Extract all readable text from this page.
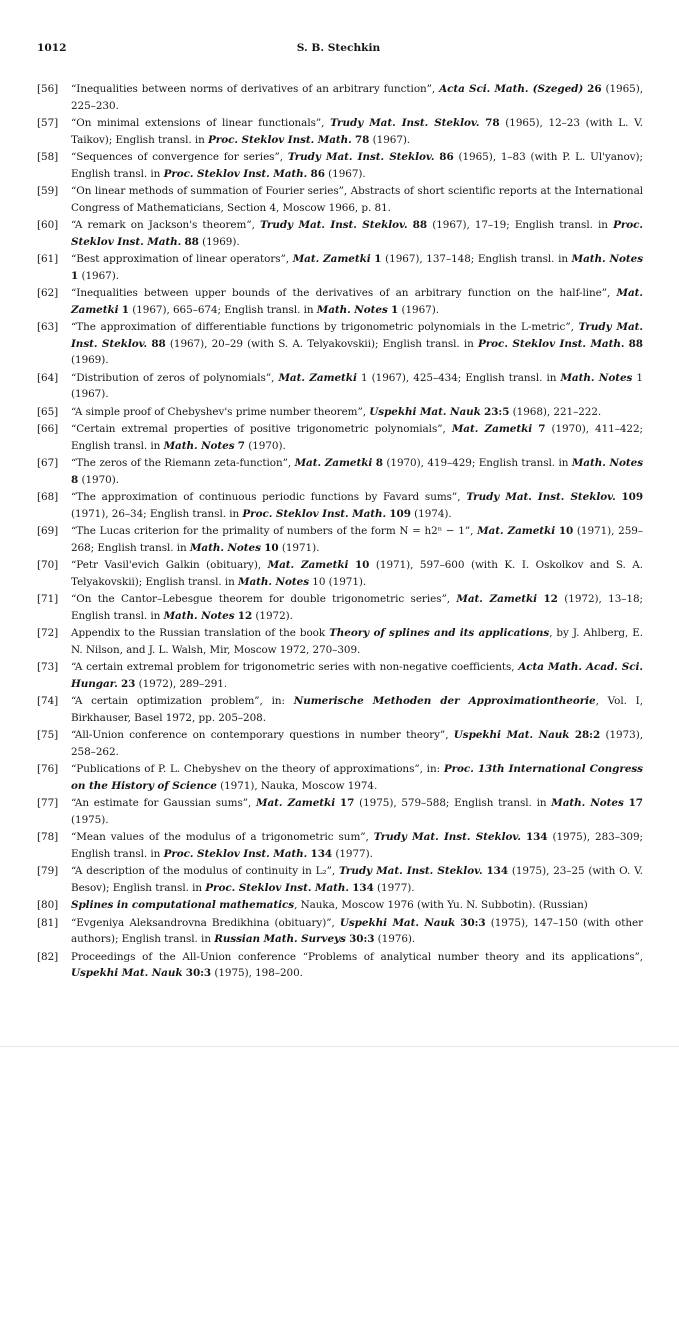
1012	S. B. Stechkin
[56]	“Inequalities between norms of derivatives of an arbitrary function”, Acta Sci. Math. (Szeged) 26 (1965), 225–230.
[57]	“On minimal extensions of linear functionals”, Trudy Mat. Inst. Steklov. 78 (1965), 12–23 (with L. V. Taikov); English transl. in Proc. Steklov Inst. Math. 78 (1967).
[58]	“Sequences of convergence for series”, Trudy Mat. Inst. Steklov. 86 (1965), 1–83 (with P. L. Ul'yanov); English transl. in Proc. Steklov Inst. Math. 86 (1967).
[59]	“On linear methods of summation of Fourier series”, Abstracts of short scientific reports at the International Congress of Mathematicians, Section 4, Moscow 1966, p. 81.
[60]	“A remark on Jackson's theorem”, Trudy Mat. Inst. Steklov. 88 (1967), 17–19; English transl. in Proc. Steklov Inst. Math. 88 (1969).
[61]	“Best approximation of linear operators”, Mat. Zametki 1 (1967), 137–148; English transl. in Math. Notes 1 (1967).
[62]	“Inequalities between upper bounds of the derivatives of an arbitrary function on the half-line”, Mat. Zametki 1 (1967), 665–674; English transl. in Math. Notes 1 (1967).
[63]	“The approximation of differentiable functions by trigonometric polynomials in the L-metric”, Trudy Mat. Inst. Steklov. 88 (1967), 20–29 (with S. A. Telyakovskii); English transl. in Proc. Steklov Inst. Math. 88 (1969).
[64]	“Distribution of zeros of polynomials”, Mat. Zametki 1 (1967), 425–434; English transl. in Math. Notes 1 (1967).
[65]	“A simple proof of Chebyshev's prime number theorem”, Uspekhi Mat. Nauk 23:5 (1968), 221–222.
[66]	“Certain extremal properties of positive trigonometric polynomials”, Mat. Zametki 7 (1970), 411–422; English transl. in Math. Notes 7 (1970).
[67]	“The zeros of the Riemann zeta-function”, Mat. Zametki 8 (1970), 419–429; English transl. in Math. Notes 8 (1970).
[68]	“The approximation of continuous periodic functions by Favard sums”, Trudy Mat. Inst. Steklov. 109 (1971), 26–34; English transl. in Proc. Steklov Inst. Math. 109 (1974).
[69]	“The Lucas criterion for the primality of numbers of the form N = h2ⁿ − 1”, Mat. Zametki 10 (1971), 259–268; English transl. in Math. Notes 10 (1971).
[70]	“Petr Vasil'evich Galkin (obituary), Mat. Zametki 10 (1971), 597–600 (with K. I. Oskolkov and S. A. Telyakovskii); English transl. in Math. Notes 10 (1971).
[71]	“On the Cantor–Lebesgue theorem for double trigonometric series”, Mat. Zametki 12 (1972), 13–18; English transl. in Math. Notes 12 (1972).
[72]	Appendix to the Russian translation of the book Theory of splines and its applications, by J. Ahlberg, E. N. Nilson, and J. L. Walsh, Mir, Moscow 1972, 270–309.
[73]	“A certain extremal problem for trigonometric series with non-negative coefficients, Acta Math. Acad. Sci. Hungar. 23 (1972), 289–291.
[74]	“A certain optimization problem”, in: Numerische Methoden der Approximationtheorie, Vol. I, Birkhauser, Basel 1972, pp. 205–208.
[75]	“All-Union conference on contemporary questions in number theory”, Uspekhi Mat. Nauk 28:2 (1973), 258–262.
[76]	“Publications of P. L. Chebyshev on the theory of approximations”, in: Proc. 13th International Congress on the History of Science (1971), Nauka, Moscow 1974.
[77]	“An estimate for Gaussian sums”, Mat. Zametki 17 (1975), 579–588; English transl. in Math. Notes 17 (1975).
[78]	“Mean values of the modulus of a trigonometric sum”, Trudy Mat. Inst. Steklov. 134 (1975), 283–309; English transl. in Proc. Steklov Inst. Math. 134 (1977).
[79]	“A description of the modulus of continuity in L₂”, Trudy Mat. Inst. Steklov. 134 (1975), 23–25 (with O. V. Besov); English transl. in Proc. Steklov Inst. Math. 134 (1977).
[80]	Splines in computational mathematics, Nauka, Moscow 1976 (with Yu. N. Subbotin). (Russian)
[81]	“Evgeniya Aleksandrovna Bredikhina (obituary)”, Uspekhi Mat. Nauk 30:3 (1975), 147–150 (with other authors); English transl. in Russian Math. Surveys 30:3 (1976).
[82]	Proceedings of the All-Union conference “Problems of analytical number theory and its applications”, Uspekhi Mat. Nauk 30:3 (1975), 198–200.
